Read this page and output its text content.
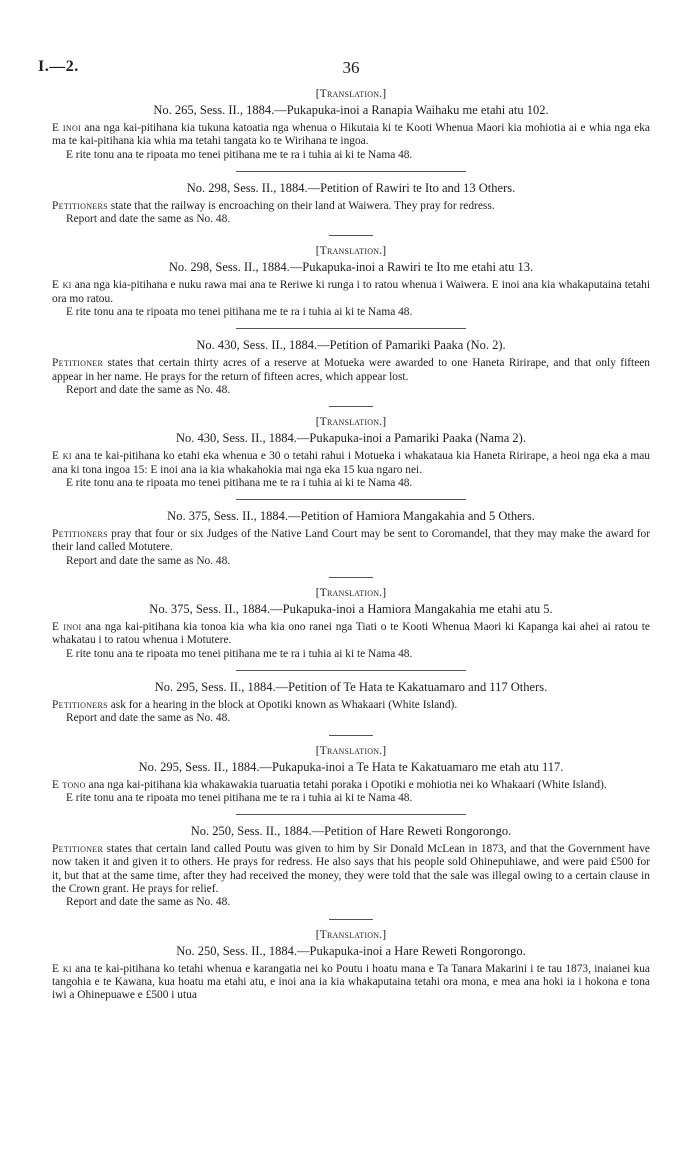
I.—2.	36
[Translation.]
No. 265, Sess. II., 1884.—Pukapuka-inoi a Ranapia Waihaku me etahi atu 102.

E inoi ana nga kai-pitihana kia tukuna katoatia nga whenua o Hikutaia ki te Kooti Whenua Maori kia mohiotia ai e whia nga eka ma te kai-pitihana kia whia ma tetahi tangata ko te Wirihana te ingoa.

E rite tonu ana te ripoata mo tenei pitihana me te ra i tuhia ai ki te Nama 48.

No. 298, Sess. II., 1884.—Petition of Rawiri te Ito and 13 Others.

Petitioners state that the railway is encroaching on their land at Waiwera. They pray for redress.

Report and date the same as No. 48.

[Translation.]
No. 298, Sess. II., 1884.—Pukapuka-inoi a Rawiri te Ito me etahi atu 13.

E ki ana nga kia-pitihana e nuku rawa mai ana te Reriwe ki runga i to ratou whenua i Waiwera. E inoi ana kia whakaputaina tetahi ora mo ratou.

E rite tonu ana te ripoata mo tenei pitihana me te ra i tuhia ai ki te Nama 48.

No. 430, Sess. II., 1884.—Petition of Pamariki Paaka (No. 2).

Petitioner states that certain thirty acres of a reserve at Motueka were awarded to one Haneta Ririrape, and that only fifteen appear in her name. He prays for the return of fifteen acres, which appear lost.

Report and date the same as No. 48.

[Translation.]
No. 430, Sess. II., 1884.—Pukapuka-inoi a Pamariki Paaka (Nama 2).

E ki ana te kai-pitihana ko etahi eka whenua e 30 o tetahi rahui i Motueka i whakataua kia Haneta Ririrape, a heoi nga eka a mau ana ki tona ingoa 15: E inoi ana ia kia whakahokia mai nga eka 15 kua ngaro nei.

E rite tonu ana te ripoata mo tenei pitihana me te ra i tuhia ai ki te Nama 48.

No. 375, Sess. II., 1884.—Petition of Hamiora Mangakahia and 5 Others.

Petitioners pray that four or six Judges of the Native Land Court may be sent to Coromandel, that they may make the award for their land called Motutere.

Report and date the same as No. 48.

[Translation.]
No. 375, Sess. II., 1884.—Pukapuka-inoi a Hamiora Mangakahia me etahi atu 5.

E inoi ana nga kai-pitihana kia tonoa kia wha kia ono ranei nga Tiati o te Kooti Whenua Maori ki Kapanga kai ahei ai ratou te whakatau i to ratou whenua i Motutere.

E rite tonu ana te ripoata mo tenei pitihana me te ra i tuhia ai ki te Nama 48.

No. 295, Sess. II., 1884.—Petition of Te Hata te Kakatuamaro and 117 Others.

Petitioners ask for a hearing in the block at Opotiki known as Whakaari (White Island).

Report and date the same as No. 48.

[Translation.]
No. 295, Sess. II., 1884.—Pukapuka-inoi a Te Hata te Kakatuamaro me etah atu 117.

E tono ana nga kai-pitihana kia whakawakia tuaruatia tetahi poraka i Opotiki e mohiotia nei ko Whakaari (White Island).

E rite tonu ana te ripoata mo tenei pitihana me te ra i tuhia ai ki te Nama 48.

No. 250, Sess. II., 1884.—Petition of Hare Reweti Rongorongo.

Petitioner states that certain land called Poutu was given to him by Sir Donald McLean in 1873, and that the Government have now taken it and given it to others. He prays for redress. He also says that his people sold Ohinepuhiawe, and were paid £500 for it, but that at the same time, after they had received the money, they were told that the sale was illegal owing to a certain clause in the Crown grant. He prays for relief.

Report and date the same as No. 48.

[Translation.]
No. 250, Sess. II., 1884.—Pukapuka-inoi a Hare Reweti Rongorongo.

E ki ana te kai-pitihana ko tetahi whenua e karangatia nei ko Poutu i hoatu mana e Ta Tanara Makarini i te tau 1873, inaianei kua tangohia e te Kawana, kua hoatu ma etahi atu, e inoi ana ia kia whakaputaina tetahi ora mona, e mea ana hoki ia i hokona e tona iwi a Ohinepuawe e £500 i utua
